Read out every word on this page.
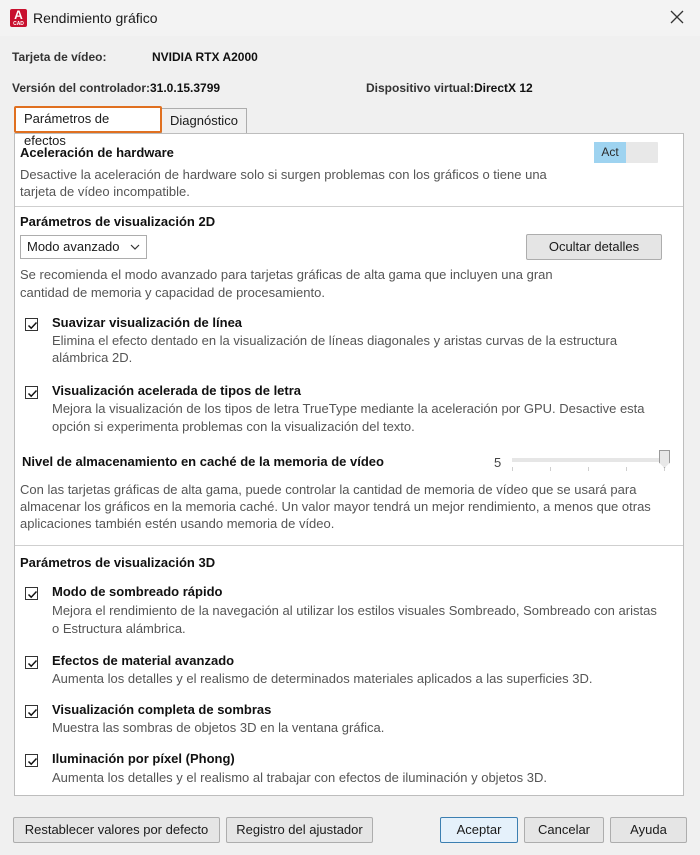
A
CAD Rendimiento gráfico
Tarjeta de vídeo:	NVIDIA RTX A2000
Versión del controlador: 31.0.15.3799	Dispositivo virtual: DirectX 12
Parámetros de efectos
Diagnóstico
Aceleración de hardware	Act
Desactive la aceleración de hardware solo si surgen problemas con los gráficos o tiene una
tarjeta de vídeo incompatible.
Parámetros de visualización 2D
Modo avanzado	Ocultar detalles
Se recomienda el modo avanzado para tarjetas gráficas de alta gama que incluyen una gran
cantidad de memoria y capacidad de procesamiento.
Suavizar visualización de línea
Elimina el efecto dentado en la visualización de líneas diagonales y aristas curvas de la estructura
alámbrica 2D.
Visualización acelerada de tipos de letra
Mejora la visualización de los tipos de letra TrueType mediante la aceleración por GPU. Desactive esta
opción si experimenta problemas con la visualización del texto.
Nivel de almacenamiento en caché de la memoria de vídeo	5
Con las tarjetas gráficas de alta gama, puede controlar la cantidad de memoria de vídeo que se usará para
almacenar los gráficos en la memoria caché. Un valor mayor tendrá un mejor rendimiento, a menos que otras
aplicaciones también estén usando memoria de vídeo.
Parámetros de visualización 3D
Modo de sombreado rápido
Mejora el rendimiento de la navegación al utilizar los estilos visuales Sombreado, Sombreado con aristas
o Estructura alámbrica.
Efectos de material avanzado
Aumenta los detalles y el realismo de determinados materiales aplicados a las superficies 3D.
Visualización completa de sombras
Muestra las sombras de objetos 3D en la ventana gráfica.
Iluminación por píxel (Phong)
Aumenta los detalles y el realismo al trabajar con efectos de iluminación y objetos 3D.
Restablecer valores por defecto	Registro del ajustador	Aceptar	Cancelar	Ayuda
